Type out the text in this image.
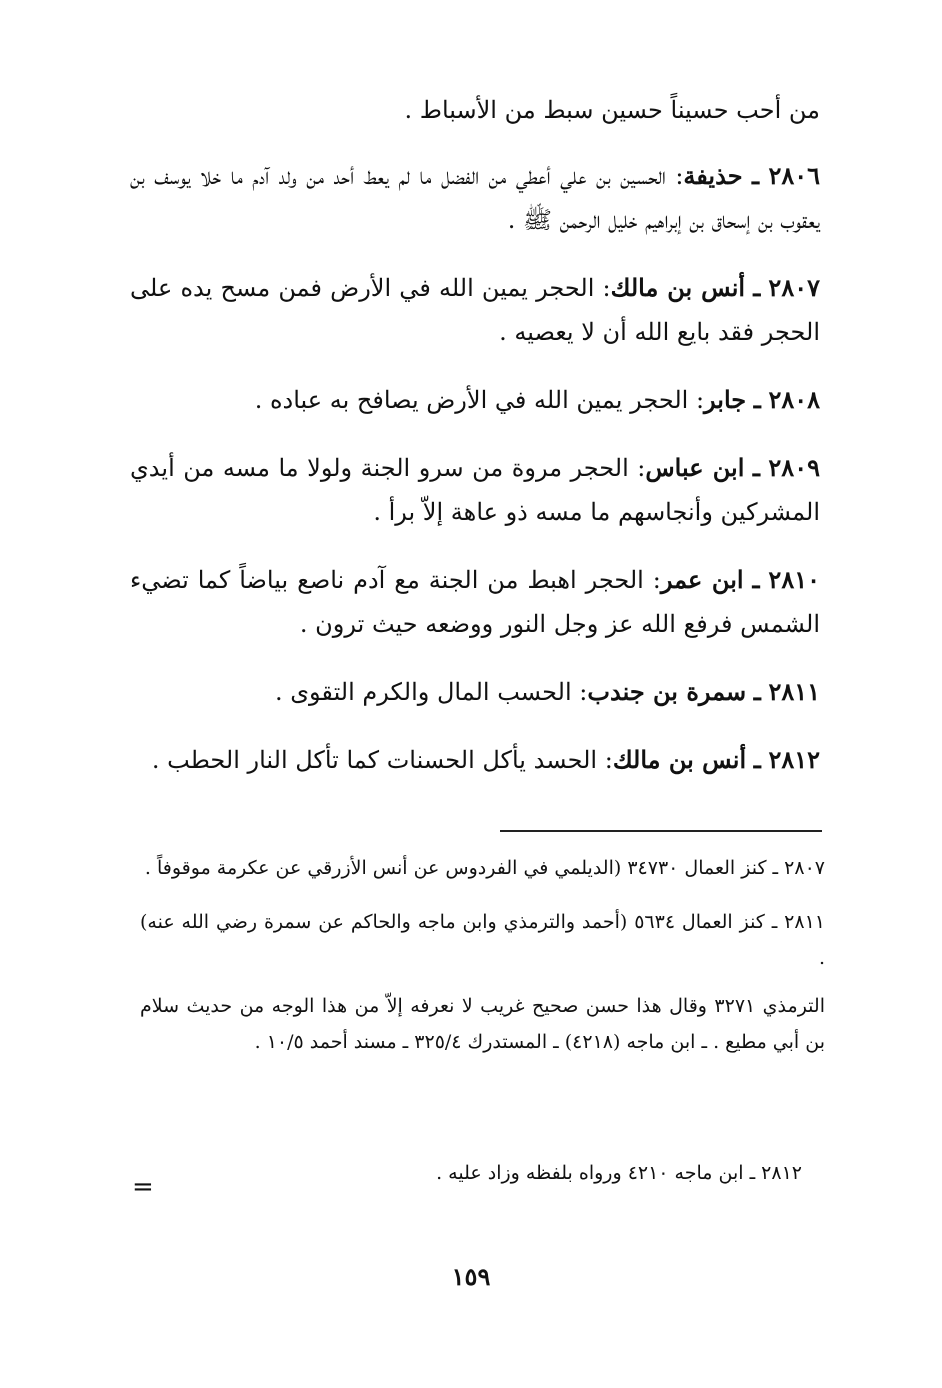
من أحب حسيناً حسين سبط من الأسباط .

٢٨٠٦ ـ حذيفة: الحسين بن علي أعطي من الفضل ما لم يعط أحد من ولد آدم ما خلا يوسف بن يعقوب بن إسحاق بن إبراهيم خليل الرحمن ﷺ .

٢٨٠٧ ـ أنس بن مالك: الحجر يمين الله في الأرض فمن مسح يده على الحجر فقد بايع الله أن لا يعصيه .

٢٨٠٨ ـ جابر: الحجر يمين الله في الأرض يصافح به عباده .

٢٨٠٩ ـ ابن عباس: الحجر مروة من سرو الجنة ولولا ما مسه من أيدي المشركين وأنجاسهم ما مسه ذو عاهة إلاّ برأ .

٢٨١٠ ـ ابن عمر: الحجر اهبط من الجنة مع آدم ناصع بياضاً كما تضيء الشمس فرفع الله عز وجل النور ووضعه حيث ترون .

٢٨١١ ـ سمرة بن جندب: الحسب المال والكرم التقوى .

٢٨١٢ ـ أنس بن مالك: الحسد يأكل الحسنات كما تأكل النار الحطب .

٢٨٠٧ ـ كنز العمال ٣٤٧٣٠ (الديلمي في الفردوس عن أنس الأزرقي عن عكرمة موقوفاً .

٢٨١١ ـ كنز العمال ٥٦٣٤ (أحمد والترمذي وابن ماجه والحاكم عن سمرة رضي الله عنه) .

الترمذي ٣٢٧١ وقال هذا حسن صحيح غريب لا نعرفه إلاّ من هذا الوجه من حديث سلام بن أبي مطيع . ـ ابن ماجه (٤٢١٨) ـ المستدرك ٣٢٥/٤ ـ مسند أحمد ١٠/٥ .

٢٨١٢ ـ ابن ماجه ٤٢١٠ ورواه بلفظه وزاد عليه .
=
١٥٩
